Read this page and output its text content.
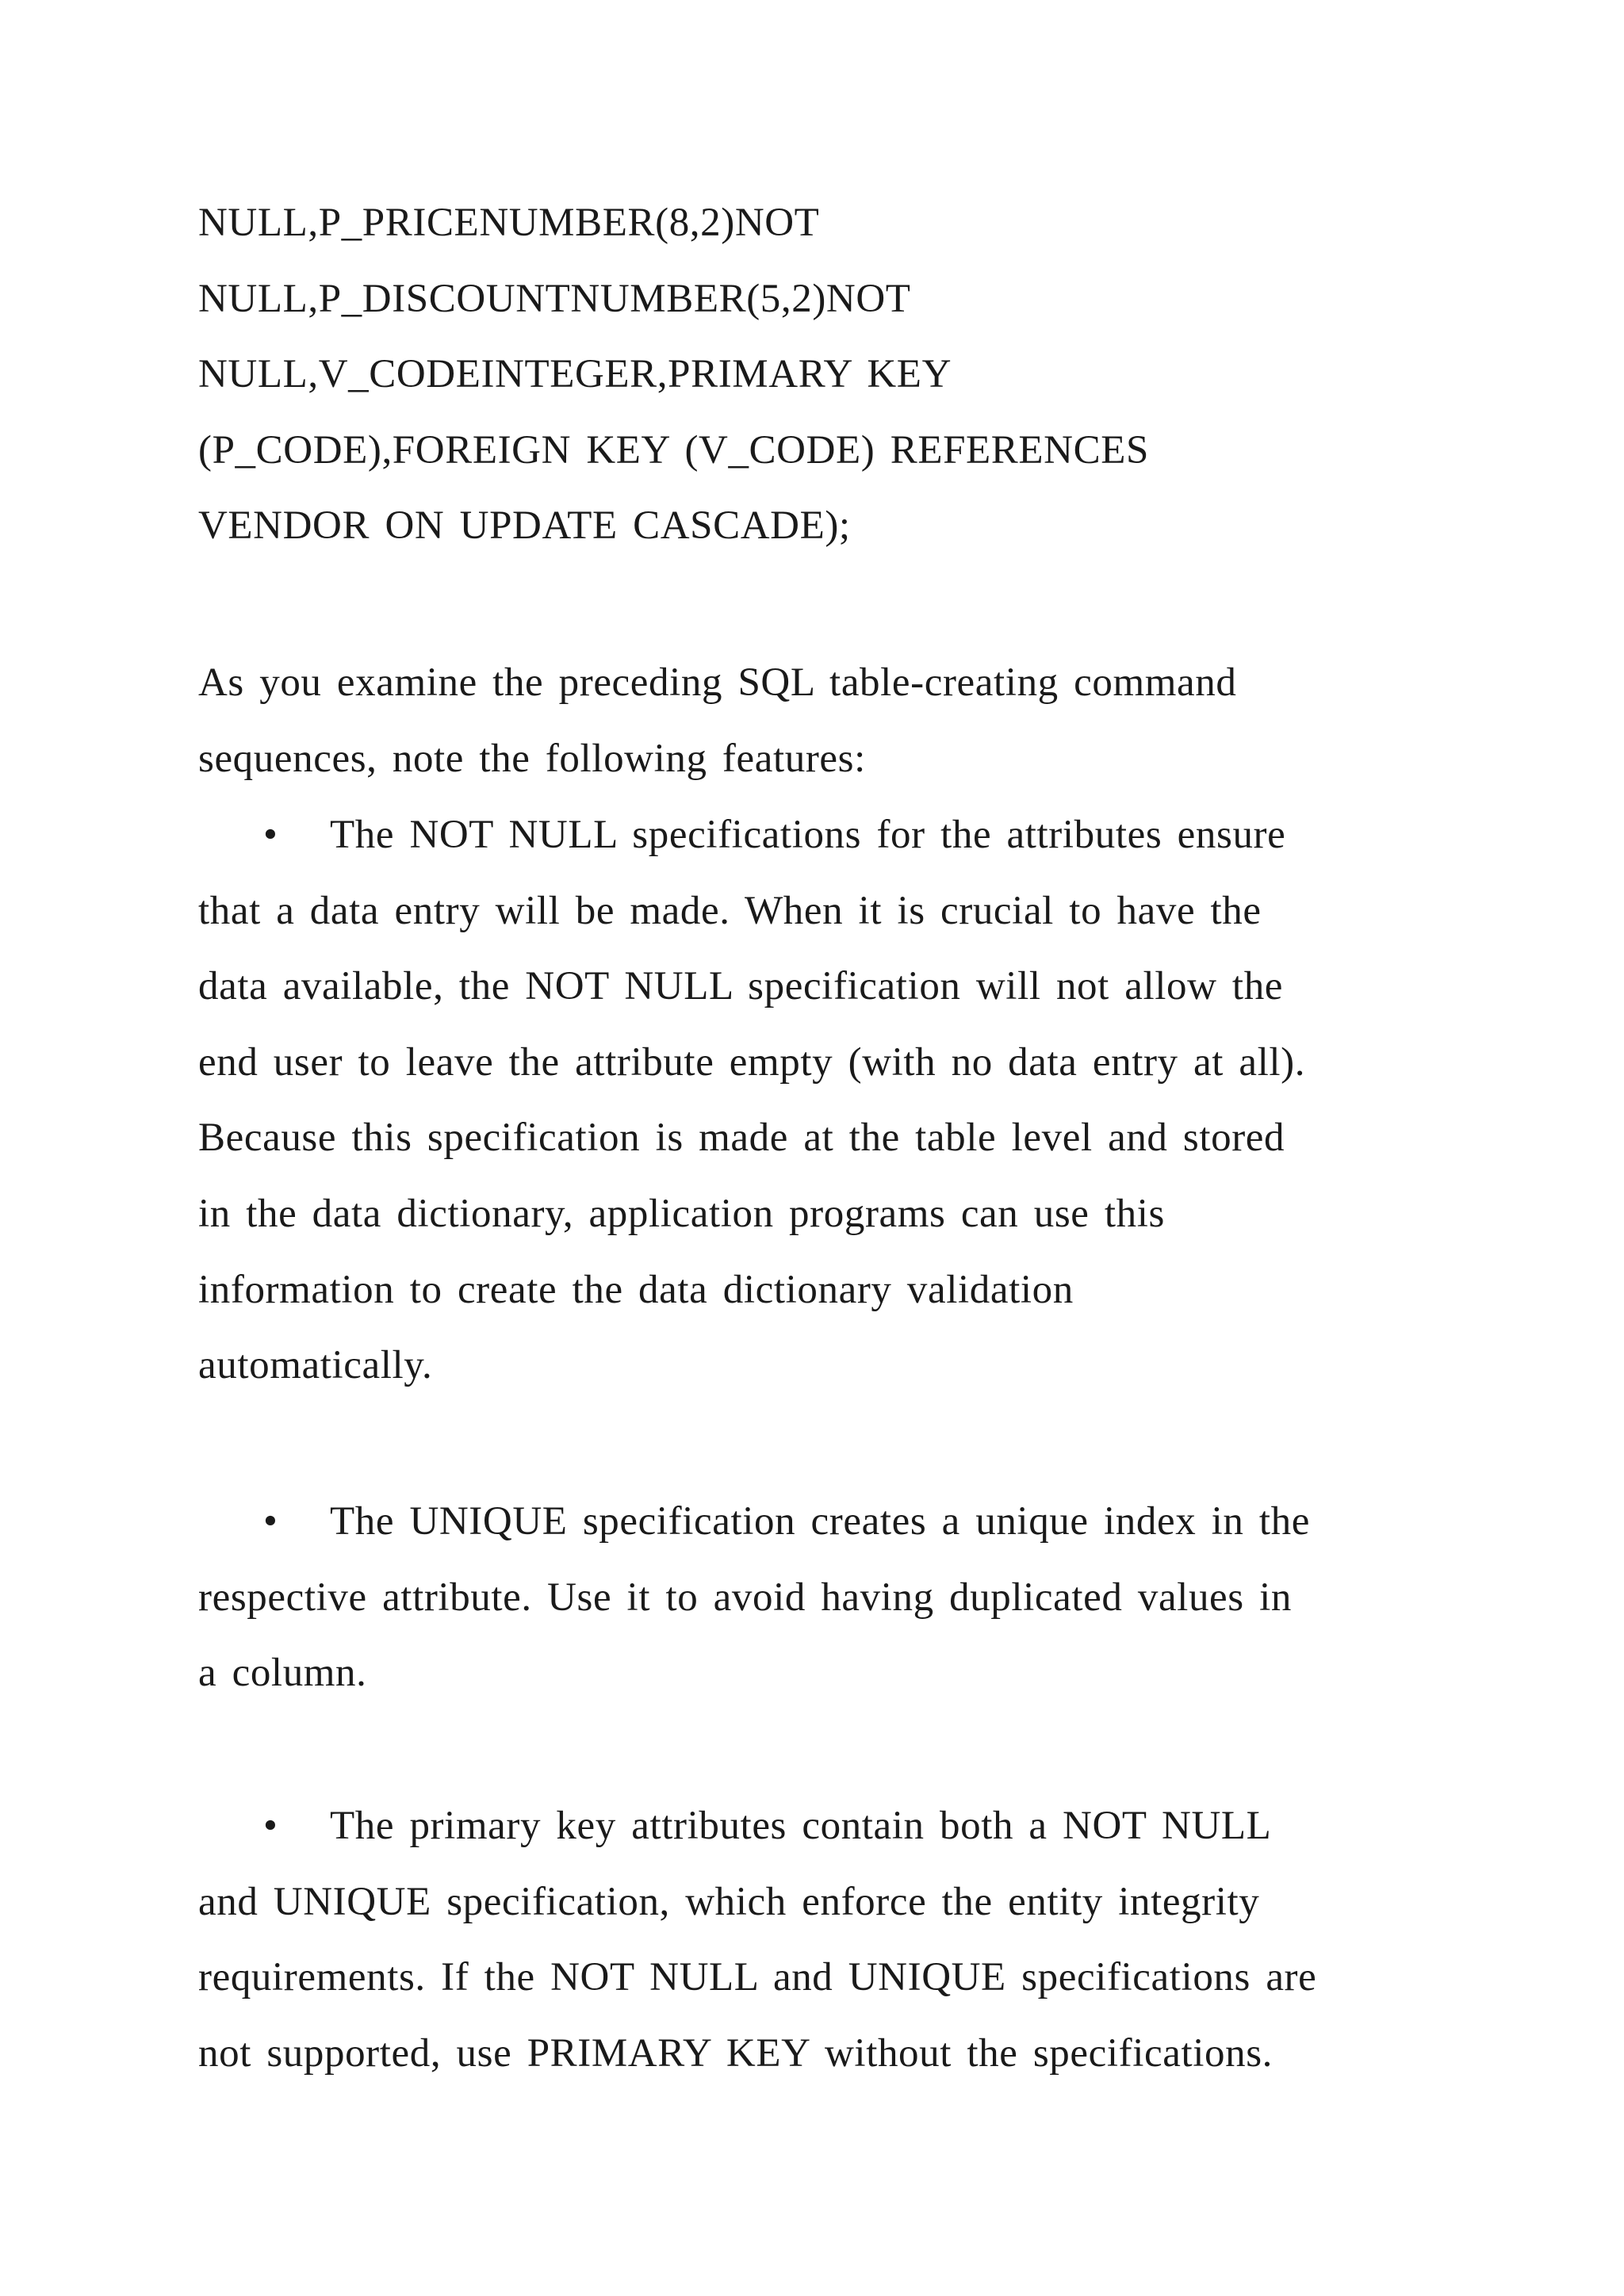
NULL,P_PRICENUMBER(8,2)NOT
NULL,P_DISCOUNTNUMBER(5,2)NOT
NULL,V_CODEINTEGER,PRIMARY KEY
(P_CODE),FOREIGN KEY (V_CODE) REFERENCES
VENDOR ON UPDATE CASCADE);
As you examine the preceding SQL table-creating command
sequences, note the following features:
• The NOT NULL specifications for the attributes ensure
that a data entry will be made. When it is crucial to have the
data available, the NOT NULL specification will not allow the
end user to leave the attribute empty (with no data entry at all).
Because this specification is made at the table level and stored
in the data dictionary, application programs can use this
information to create the data dictionary validation
automatically.
• The UNIQUE specification creates a unique index in the
respective attribute. Use it to avoid having duplicated values in
a column.
• The primary key attributes contain both a NOT NULL
and UNIQUE specification, which enforce the entity integrity
requirements. If the NOT NULL and UNIQUE specifications are
not supported, use PRIMARY KEY without the specifications.
